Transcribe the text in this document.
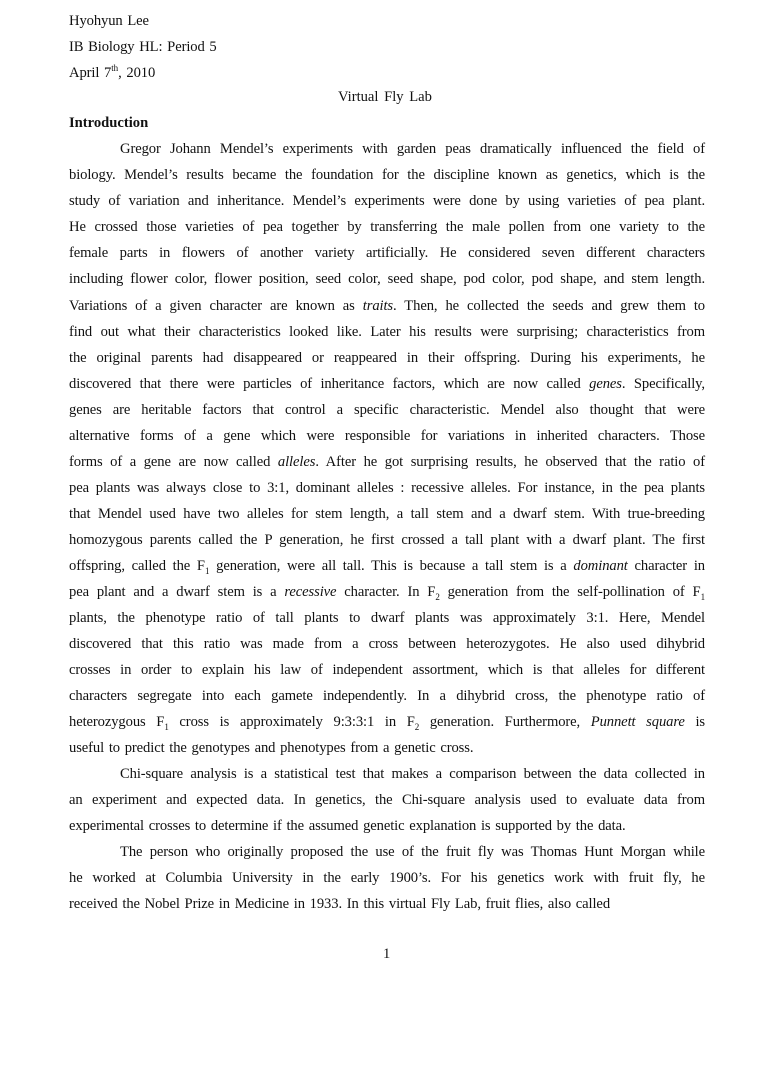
Hyohyun Lee
IB Biology HL: Period 5
April 7th, 2010
Virtual Fly Lab
Introduction
Gregor Johann Mendel’s experiments with garden peas dramatically influenced the field of
biology. Mendel’s results became the foundation for the discipline known as genetics, which is the
study of variation and inheritance. Mendel’s experiments were done by using varieties of pea plant.
He crossed those varieties of pea together by transferring the male pollen from one variety to the
female parts in flowers of another variety artificially. He considered seven different characters
including flower color, flower position, seed color, seed shape, pod color, pod shape, and stem length.
Variations of a given character are known as traits. Then, he collected the seeds and grew them to
find out what their characteristics looked like. Later his results were surprising; characteristics from
the original parents had disappeared or reappeared in their offspring. During his experiments, he
discovered that there were particles of inheritance factors, which are now called genes. Specifically,
genes are heritable factors that control a specific characteristic. Mendel also thought that were
alternative forms of a gene which were responsible for variations in inherited characters. Those
forms of a gene are now called alleles. After he got surprising results, he observed that the ratio of
pea plants was always close to 3:1, dominant alleles : recessive alleles. For instance, in the pea plants
that Mendel used have two alleles for stem length, a tall stem and a dwarf stem. With true-breeding
homozygous parents called the P generation, he first crossed a tall plant with a dwarf plant. The first
offspring, called the $F_1$ generation, were all tall. This is because a tall stem is a dominant character in
pea plant and a dwarf stem is a recessive character. In $F_2$ generation from the self-pollination of $F_1$
plants, the phenotype ratio of tall plants to dwarf plants was approximately 3:1. Here, Mendel
discovered that this ratio was made from a cross between heterozygotes. He also used dihybrid
crosses in order to explain his law of independent assortment, which is that alleles for different
characters segregate into each gamete independently. In a dihybrid cross, the phenotype ratio of
heterozygous $F_1$ cross is approximately 9:3:3:1 in $F_2$ generation. Furthermore, Punnett square is
useful to predict the genotypes and phenotypes from a genetic cross.
Chi-square analysis is a statistical test that makes a comparison between the data collected in
an experiment and expected data. In genetics, the Chi-square analysis used to evaluate data from
experimental crosses to determine if the assumed genetic explanation is supported by the data.
The person who originally proposed the use of the fruit fly was Thomas Hunt Morgan while
he worked at Columbia University in the early 1900’s. For his genetics work with fruit fly, he
received the Nobel Prize in Medicine in 1933. In this virtual Fly Lab, fruit flies, also called
1
